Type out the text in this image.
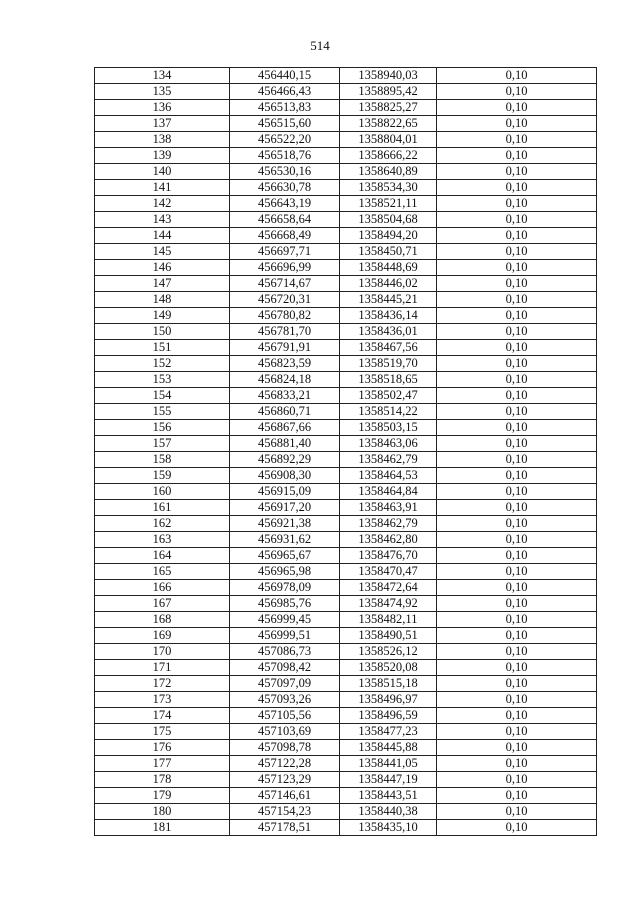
514
134	456440,15	1358940,03	0,10
135	456466,43	1358895,42	0,10
136	456513,83	1358825,27	0,10
137	456515,60	1358822,65	0,10
138	456522,20	1358804,01	0,10
139	456518,76	1358666,22	0,10
140	456530,16	1358640,89	0,10
141	456630,78	1358534,30	0,10
142	456643,19	1358521,11	0,10
143	456658,64	1358504,68	0,10
144	456668,49	1358494,20	0,10
145	456697,71	1358450,71	0,10
146	456696,99	1358448,69	0,10
147	456714,67	1358446,02	0,10
148	456720,31	1358445,21	0,10
149	456780,82	1358436,14	0,10
150	456781,70	1358436,01	0,10
151	456791,91	1358467,56	0,10
152	456823,59	1358519,70	0,10
153	456824,18	1358518,65	0,10
154	456833,21	1358502,47	0,10
155	456860,71	1358514,22	0,10
156	456867,66	1358503,15	0,10
157	456881,40	1358463,06	0,10
158	456892,29	1358462,79	0,10
159	456908,30	1358464,53	0,10
160	456915,09	1358464,84	0,10
161	456917,20	1358463,91	0,10
162	456921,38	1358462,79	0,10
163	456931,62	1358462,80	0,10
164	456965,67	1358476,70	0,10
165	456965,98	1358470,47	0,10
166	456978,09	1358472,64	0,10
167	456985,76	1358474,92	0,10
168	456999,45	1358482,11	0,10
169	456999,51	1358490,51	0,10
170	457086,73	1358526,12	0,10
171	457098,42	1358520,08	0,10
172	457097,09	1358515,18	0,10
173	457093,26	1358496,97	0,10
174	457105,56	1358496,59	0,10
175	457103,69	1358477,23	0,10
176	457098,78	1358445,88	0,10
177	457122,28	1358441,05	0,10
178	457123,29	1358447,19	0,10
179	457146,61	1358443,51	0,10
180	457154,23	1358440,38	0,10
181	457178,51	1358435,10	0,10
